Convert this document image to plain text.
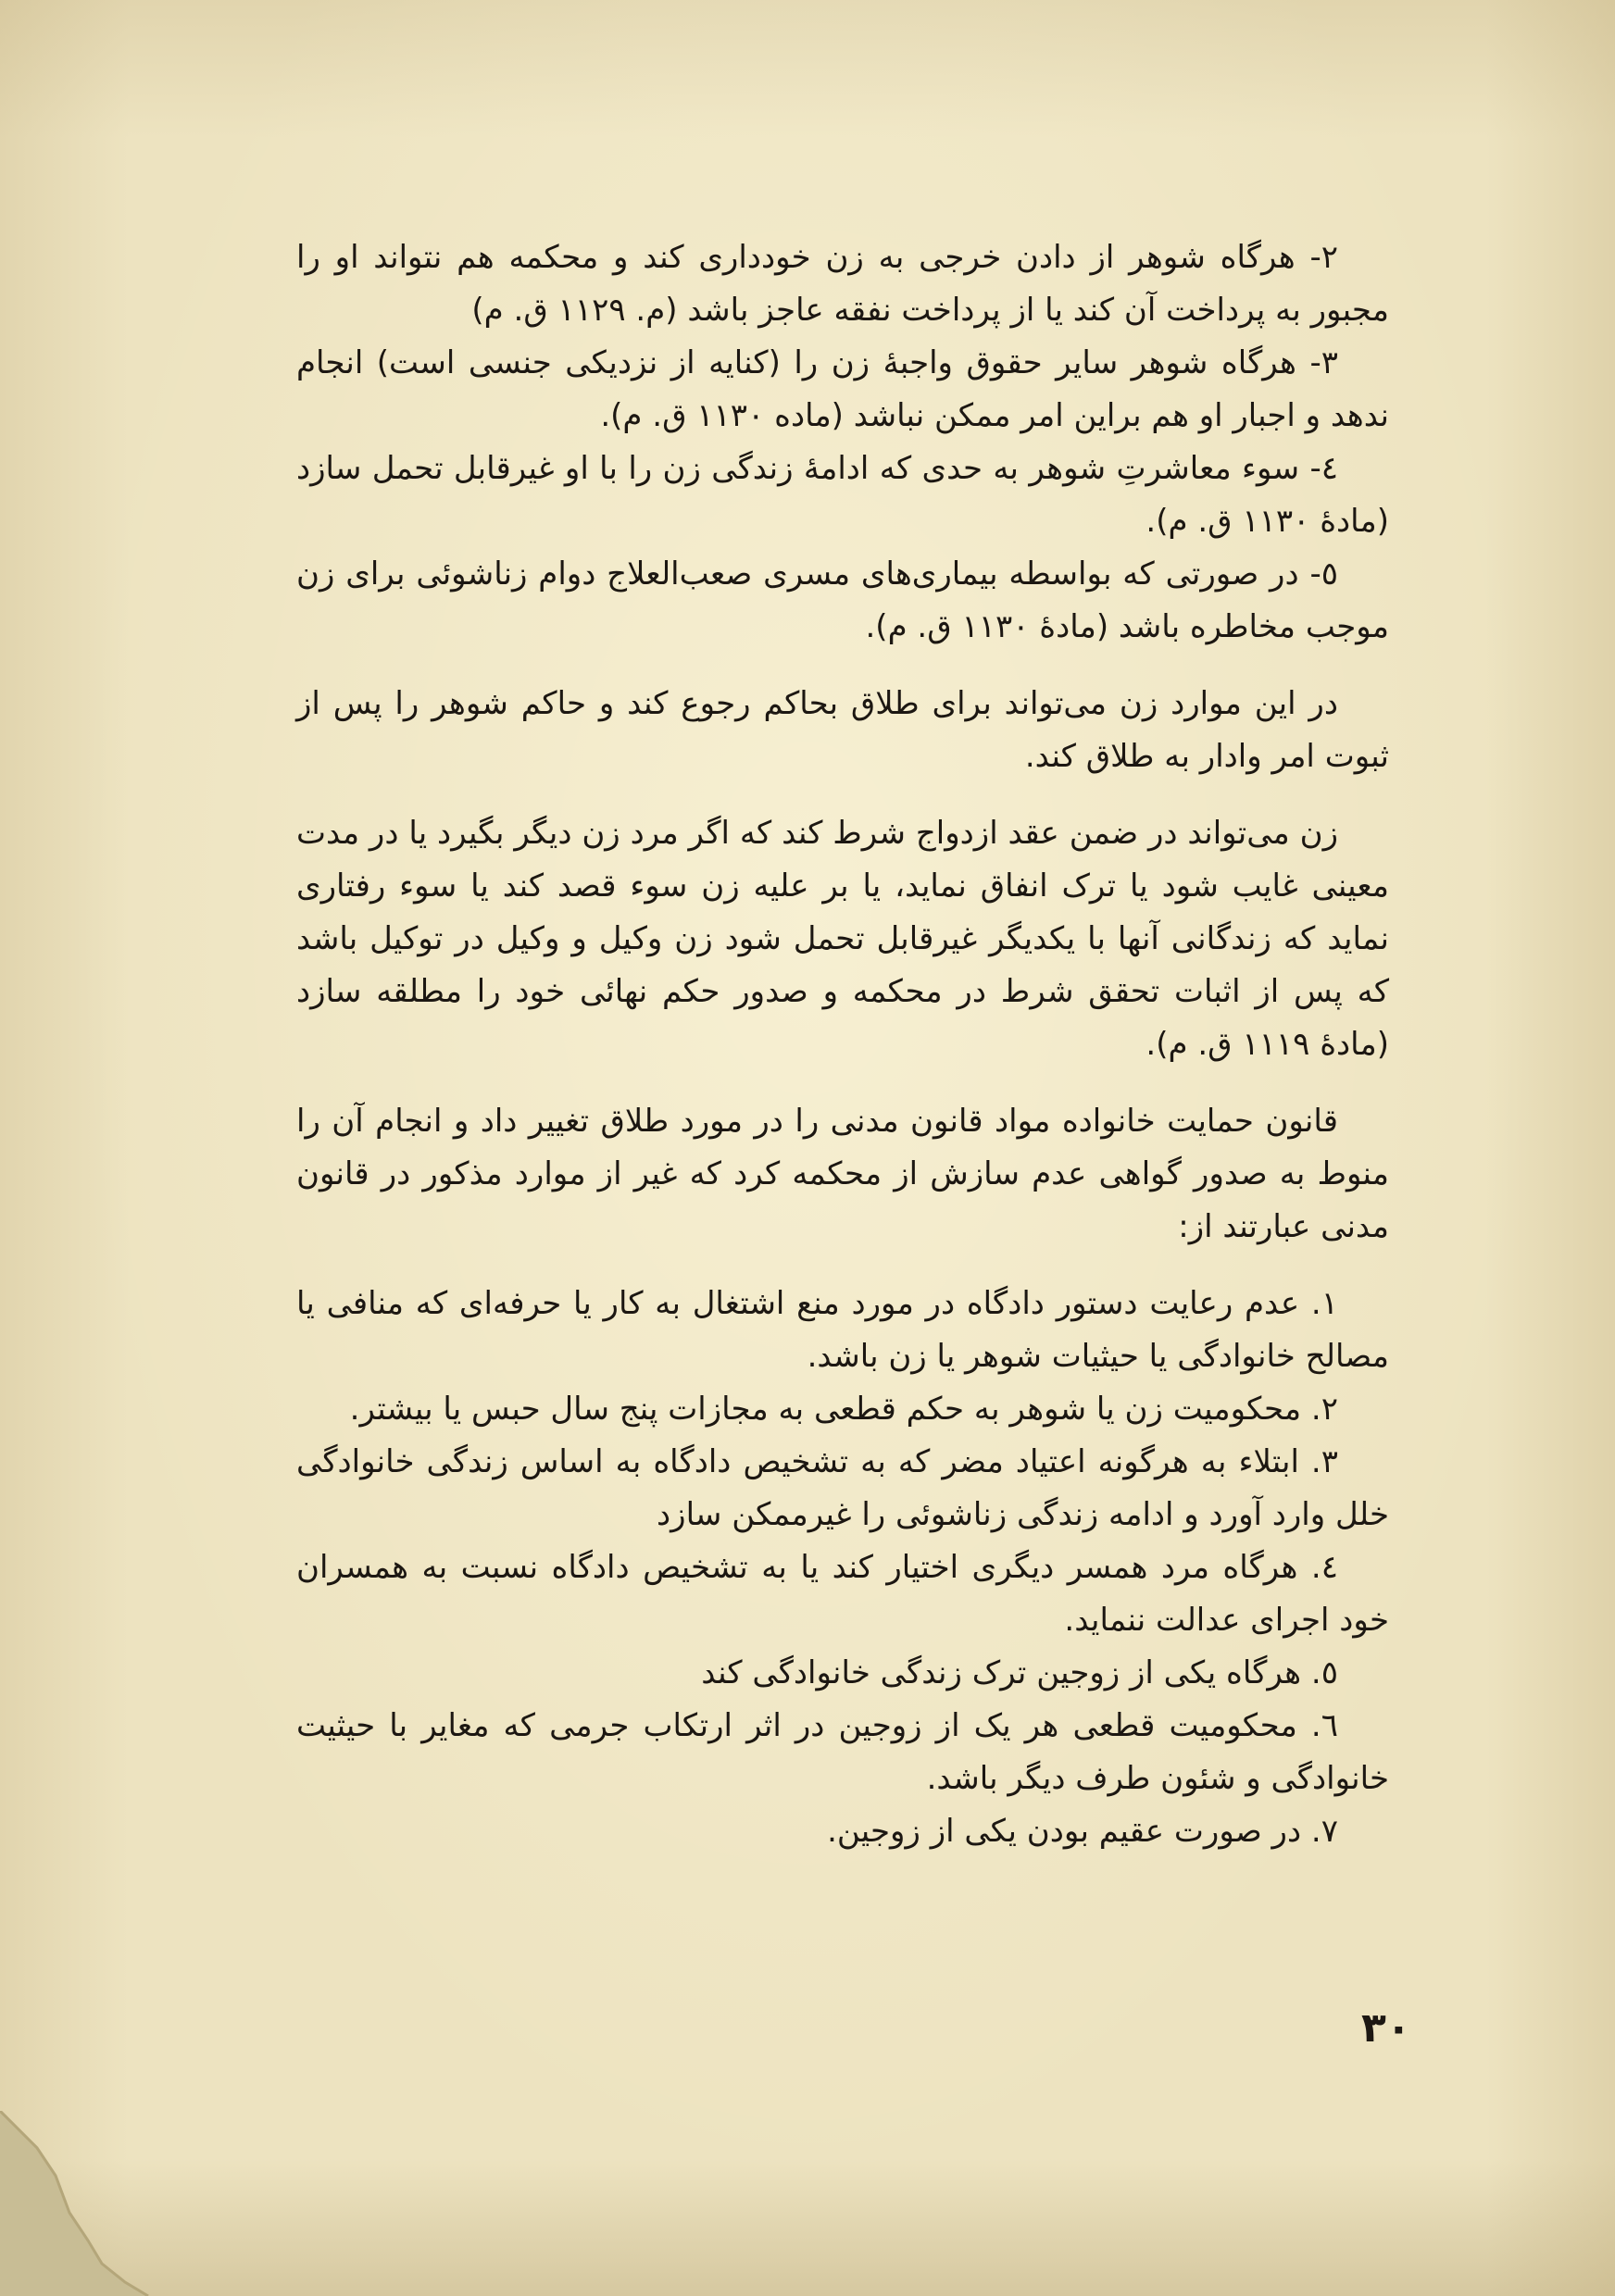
٢- هرگاه شوهر از دادن خرجی به زن خودداری کند و محکمه هم نتواند او را مجبور به پرداخت آن کند یا از پرداخت نفقه عاجز باشد (م. ١١٢٩ ق. م)

٣- هرگاه شوهر سایر حقوق واجبهٔ زن را (کنایه از نزدیکی جنسی است) انجام ندهد و اجبار او هم براین امر ممکن نباشد (ماده ١١٣٠ ق. م).

٤- سوء معاشرتِ شوهر به حدی که ادامهٔ زندگی زن را با او غیرقابل تحمل سازد (مادهٔ ١١٣٠ ق. م).

٥- در صورتی که بواسطه بیماری‌های مسری صعب‌العلاج دوام زناشوئی برای زن موجب مخاطره باشد (مادهٔ ١١٣٠ ق. م).

در این موارد زن می‌تواند برای طلاق بحاکم رجوع کند و حاکم شوهر را پس از ثبوت امر وادار به طلاق کند.

زن می‌تواند در ضمن عقد ازدواج شرط کند که اگر مرد زن دیگر بگیرد یا در مدت معینی غایب شود یا ترک انفاق نماید، یا بر علیه زن سوء قصد کند یا سوء رفتاری نماید که زندگانی آنها با یکدیگر غیرقابل تحمل شود زن وکیل و وکیل در توکیل باشد که پس از اثبات تحقق شرط در محکمه و صدور حکم نهائی خود را مطلقه سازد (مادهٔ ١١١٩ ق. م).

قانون حمایت خانواده مواد قانون مدنی را در مورد طلاق تغییر داد و انجام آن را منوط به صدور گواهی عدم سازش از محکمه کرد که غیر از موارد مذکور در قانون مدنی عبارتند از:

١. عدم رعایت دستور دادگاه در مورد منع اشتغال به کار یا حرفه‌ای که منافی یا مصالح خانوادگی یا حیثیات شوهر یا زن باشد.

٢. محکومیت زن یا شوهر به حکم قطعی به مجازات پنج سال حبس یا بیشتر.

٣. ابتلاء به هرگونه اعتیاد مضر که به تشخیص دادگاه به اساس زندگی خانوادگی خلل وارد آورد و ادامه زندگی زناشوئی را غیرممکن سازد

٤. هرگاه مرد همسر دیگری اختیار کند یا به تشخیص دادگاه نسبت به همسران خود اجرای عدالت ننماید.

٥. هرگاه یکی از زوجین ترک زندگی خانوادگی کند

٦. محکومیت قطعی هر یک از زوجین در اثر ارتکاب جرمی که مغایر با حیثیت خانوادگی و شئون طرف دیگر باشد.

٧. در صورت عقیم بودن یکی از زوجین.

٣٠
